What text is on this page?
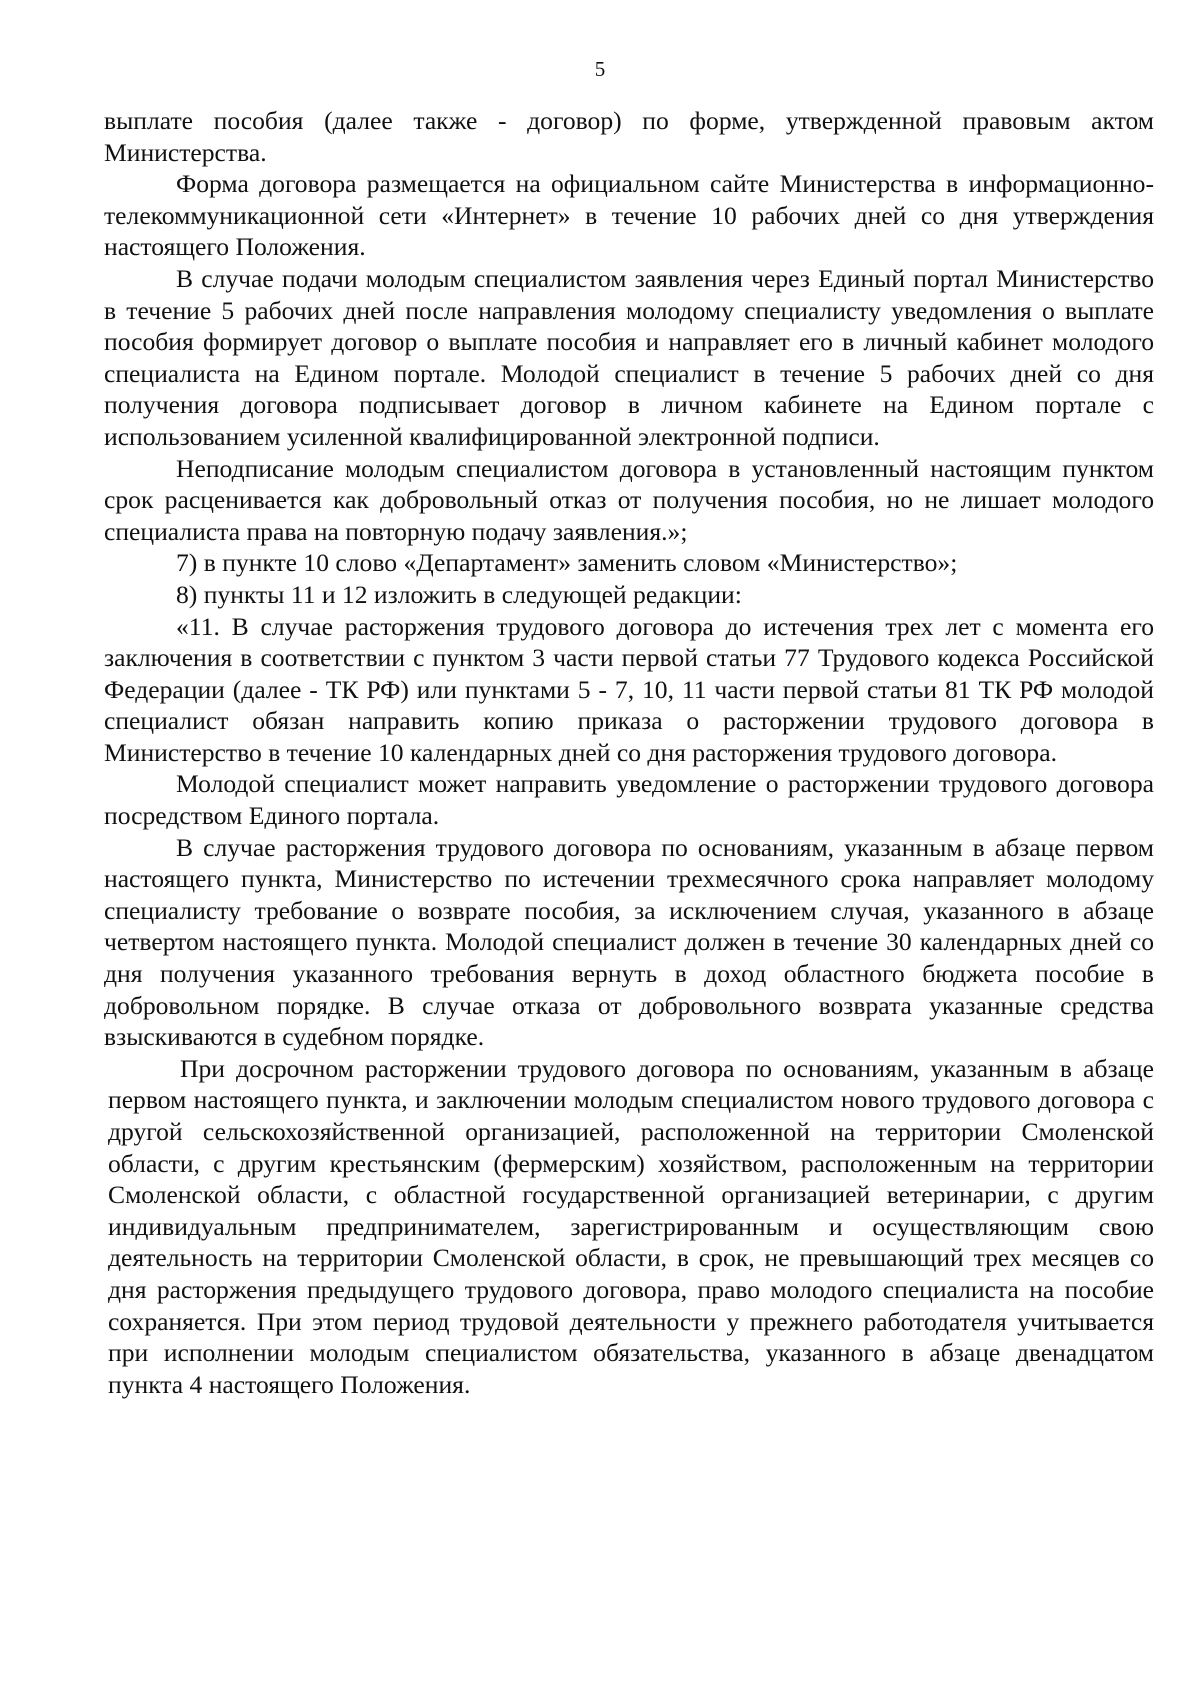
5

выплате пособия (далее также - договор) по форме, утвержденной правовым актом Министерства.

Форма договора размещается на официальном сайте Министерства в информационно-телекоммуникационной сети «Интернет» в течение 10 рабочих дней со дня утверждения настоящего Положения.

В случае подачи молодым специалистом заявления через Единый портал Министерство в течение 5 рабочих дней после направления молодому специалисту уведомления о выплате пособия формирует договор о выплате пособия и направляет его в личный кабинет молодого специалиста на Едином портале. Молодой специалист в течение 5 рабочих дней со дня получения договора подписывает договор в личном кабинете на Едином портале с использованием усиленной квалифицированной электронной подписи.

Неподписание молодым специалистом договора в установленный настоящим пунктом срок расценивается как добровольный отказ от получения пособия, но не лишает молодого специалиста права на повторную подачу заявления.»;

7) в пункте 10 слово «Департамент» заменить словом «Министерство»;

8) пункты 11 и 12 изложить в следующей редакции:

«11. В случае расторжения трудового договора до истечения трех лет с момента его заключения в соответствии с пунктом 3 части первой статьи 77 Трудового кодекса Российской Федерации (далее - ТК РФ) или пунктами 5 - 7, 10, 11 части первой статьи 81 ТК РФ молодой специалист обязан направить копию приказа о расторжении трудового договора в Министерство в течение 10 календарных дней со дня расторжения трудового договора.

Молодой специалист может направить уведомление о расторжении трудового договора посредством Единого портала.

В случае расторжения трудового договора по основаниям, указанным в абзаце первом настоящего пункта, Министерство по истечении трехмесячного срока направляет молодому специалисту требование о возврате пособия, за исключением случая, указанного в абзаце четвертом настоящего пункта. Молодой специалист должен в течение 30 календарных дней со дня получения указанного требования вернуть в доход областного бюджета пособие в добровольном порядке. В случае отказа от добровольного возврата указанные средства взыскиваются в судебном порядке.

При досрочном расторжении трудового договора по основаниям, указанным в абзаце первом настоящего пункта, и заключении молодым специалистом нового трудового договора с другой сельскохозяйственной организацией, расположенной на территории Смоленской области, с другим крестьянским (фермерским) хозяйством, расположенным на территории Смоленской области, с областной государственной организацией ветеринарии, с другим индивидуальным предпринимателем, зарегистрированным и осуществляющим свою деятельность на территории Смоленской области, в срок, не превышающий трех месяцев со дня расторжения предыдущего трудового договора, право молодого специалиста на пособие сохраняется. При этом период трудовой деятельности у прежнего работодателя учитывается при исполнении молодым специалистом обязательства, указанного в абзаце двенадцатом пункта 4 настоящего Положения.
